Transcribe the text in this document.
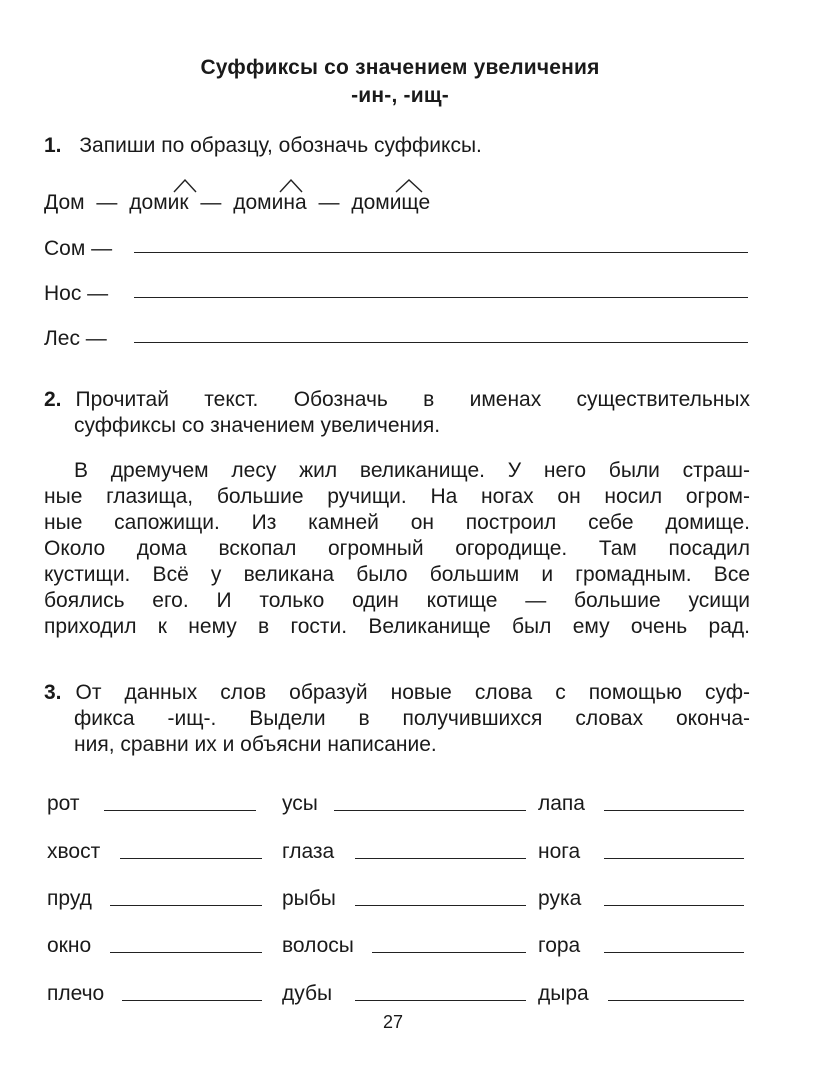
Суффиксы со значением увеличения
-ин-, -ищ-
1. Запиши по образцу, обозначь суффиксы.
Дом — домик — домина — домище
Сом —
Нос —
Лес —
2. Прочитай текст. Обозначь в именах существительных
суффиксы со значением увеличения.
В дремучем лесу жил великанище. У него были страш-
ные глазища, большие ручищи. На ногах он носил огром-
ные сапожищи. Из камней он построил себе домище.
Около дома вскопал огромный огородище. Там посадил
кустищи. Всё у великана было большим и громадным. Все
боялись его. И только один котище — большие усищи
приходил к нему в гости. Великанище был ему очень рад.
3. От данных слов образуй новые слова с помощью суф-
фикса -ищ-. Выдели в получившихся словах оконча-
ния, сравни их и объясни написание.
рот	усы	лапа
хвост	глаза	нога
пруд	рыбы	рука
окно	волосы	гора
плечо	дубы	дыра
27
